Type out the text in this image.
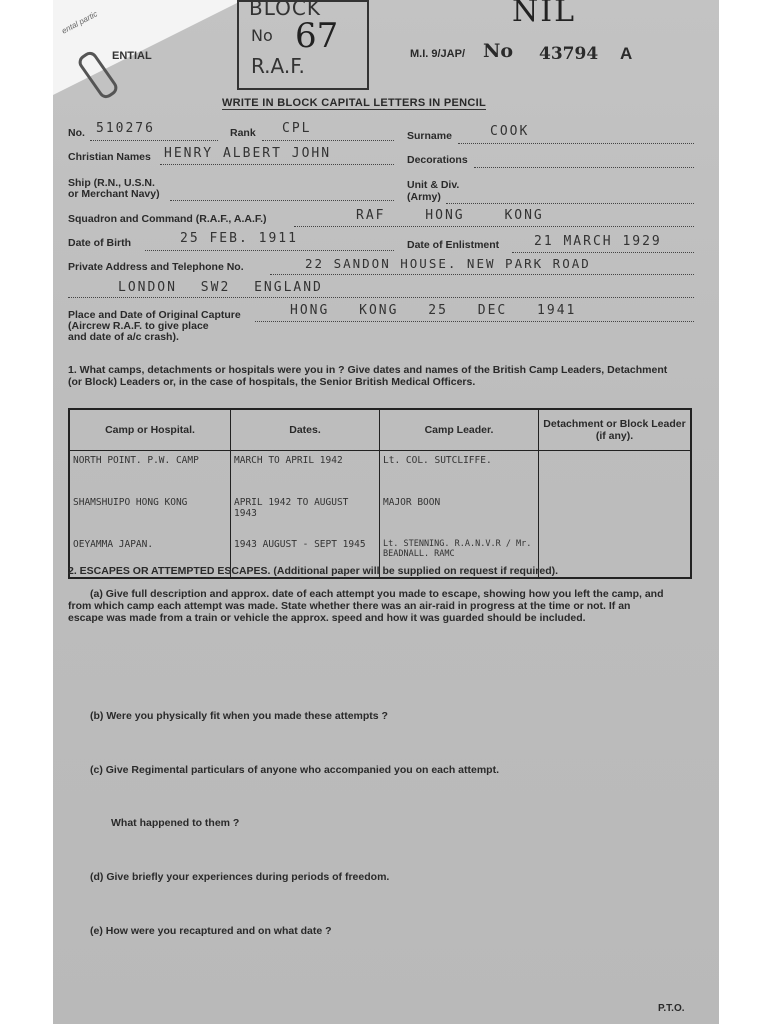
ental partic
ENTIAL
BLOCK
No 67
R.A.F.
NIL
M.I. 9/JAP/ No 43794 A
WRITE IN BLOCK CAPITAL LETTERS IN PENCIL
No. 510276	Rank CPL	Surname	COOK
Christian Names HENRY ALBERT JOHN	Decorations
Ship (R.N., U.S.N.
or Merchant Navy)
Unit & Div.
(Army)
Squadron and Command (R.A.F., A.A.F.)	RAF HONG KONG
Date of Birth	25 FEB. 1911	Date of Enlistment	21 MARCH 1929
Private Address and Telephone No.	22 SANDON HOUSE. NEW PARK ROAD
LONDON SW2 ENGLAND
Place and Date of Original Capture
(Aircrew R.A.F. to give place
and date of a/c crash).
HONG KONG 25 DEC 1941
1. What camps, detachments or hospitals were you in ? Give dates and names of the British Camp Leaders, Detachment
(or Block) Leaders or, in the case of hospitals, the Senior British Medical Officers.
Camp or Hospital.	Dates.	Camp Leader.	Detachment or Block Leader (if any).
NORTH POINT. P.W. CAMP	MARCH TO APRIL 1942	Lt. COL. SUTCLIFFE.	
SHAMSHUIPO HONG KONG	APRIL 1942 TO AUGUST 1943	MAJOR BOON	
OEYAMMA JAPAN.	1943 AUGUST - SEPT 1945	Lt. STENNING. R.A.N.V.R / Mr. BEADNALL. RAMC	
2. ESCAPES OR ATTEMPTED ESCAPES. (Additional paper will be supplied on request if required).
(a) Give full description and approx. date of each attempt you made to escape, showing how you left the camp, and
from which camp each attempt was made. State whether there was an air-raid in progress at the time or not. If an
escape was made from a train or vehicle the approx. speed and how it was guarded should be included.
(b) Were you physically fit when you made these attempts ?
(c) Give Regimental particulars of anyone who accompanied you on each attempt.
What happened to them ?
(d) Give briefly your experiences during periods of freedom.
(e) How were you recaptured and on what date ?
P.T.O.
